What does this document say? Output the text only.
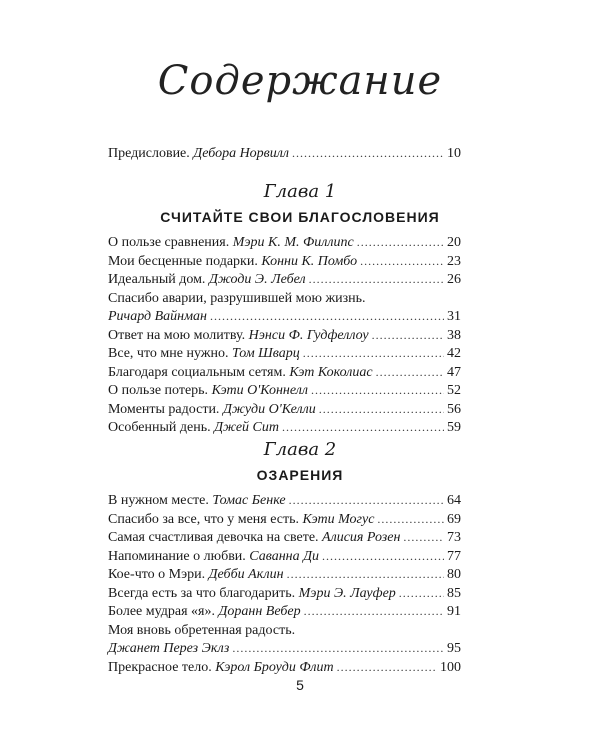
Содержание
Предисловие. Дебора Норвилл . . .	10
Глава 1
СЧИТАЙТЕ СВОИ БЛАГОСЛОВЕНИЯ
О пользе сравнения. Мэри К. М. Филлипс . . .	20
Мои бесценные подарки. Конни К. Помбо . . .	23
Идеальный дом. Джоди Э. Лебел . . .	26
Спасибо аварии, разрушившей мою жизнь.
Ричард Вайнман . . .	31
Ответ на мою молитву. Нэнси Ф. Гудфеллоу . . .	38
Все, что мне нужно. Том Шварц . . .	42
Благодаря социальным сетям. Кэт Коколиас . . .	47
О пользе потерь. Кэти О'Коннелл . . .	52
Моменты радости. Джуди О'Келли . . .	56
Особенный день. Джей Сит . . .	59
Глава 2
ОЗАРЕНИЯ
В нужном месте. Томас Бенке . . .	64
Спасибо за все, что у меня есть. Кэти Могус . . .	69
Самая счастливая девочка на свете. Алисия Розен . . .	73
Напоминание о любви. Саванна Ди . . .	77
Кое-что о Мэри. Дебби Аклин . . .	80
Всегда есть за что благодарить. Мэри Э. Лауфер . . .	85
Более мудрая «я». Доранн Вебер . . .	91
Моя вновь обретенная радость.
Джанет Перез Эклз . . .	95
Прекрасное тело. Кэрол Броуди Флит . . .	100
5
